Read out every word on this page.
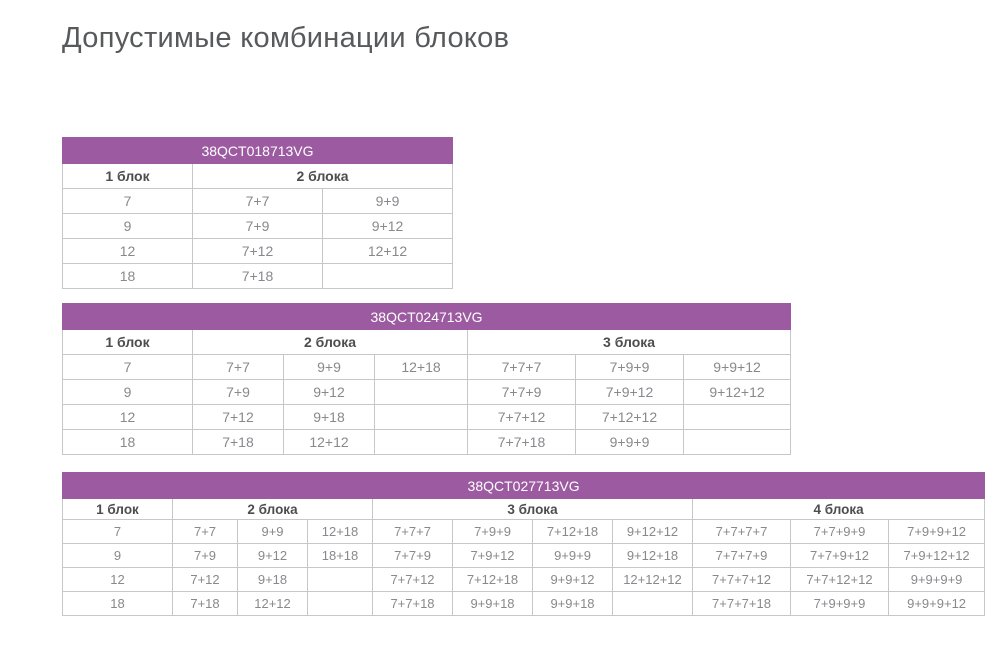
Допустимые комбинации блоков
38QCT018713VG		
1 блок	2 блока	
7	7+7	9+9
9	7+9	9+12
12	7+12	12+12
18	7+18	
38QCT024713VG						
1 блок	2 блока			3 блока		
7	7+7	9+9	12+18	7+7+7	7+9+9	9+9+12
9	7+9	9+12		7+7+9	7+9+12	9+12+12
12	7+12	9+18		7+7+12	7+12+12	
18	7+18	12+12		7+7+18	9+9+9	
38QCT027713VG										
1 блок	2 блока			3 блока				4 блока		
7	7+7	9+9	12+18	7+7+7	7+9+9	7+12+18	9+12+12	7+7+7+7	7+7+9+9	7+9+9+12
9	7+9	9+12	18+18	7+7+9	7+9+12	9+9+9	9+12+18	7+7+7+9	7+7+9+12	7+9+12+12
12	7+12	9+18		7+7+12	7+12+18	9+9+12	12+12+12	7+7+7+12	7+7+12+12	9+9+9+9
18	7+18	12+12		7+7+18	9+9+18	9+9+18		7+7+7+18	7+9+9+9	9+9+9+12
